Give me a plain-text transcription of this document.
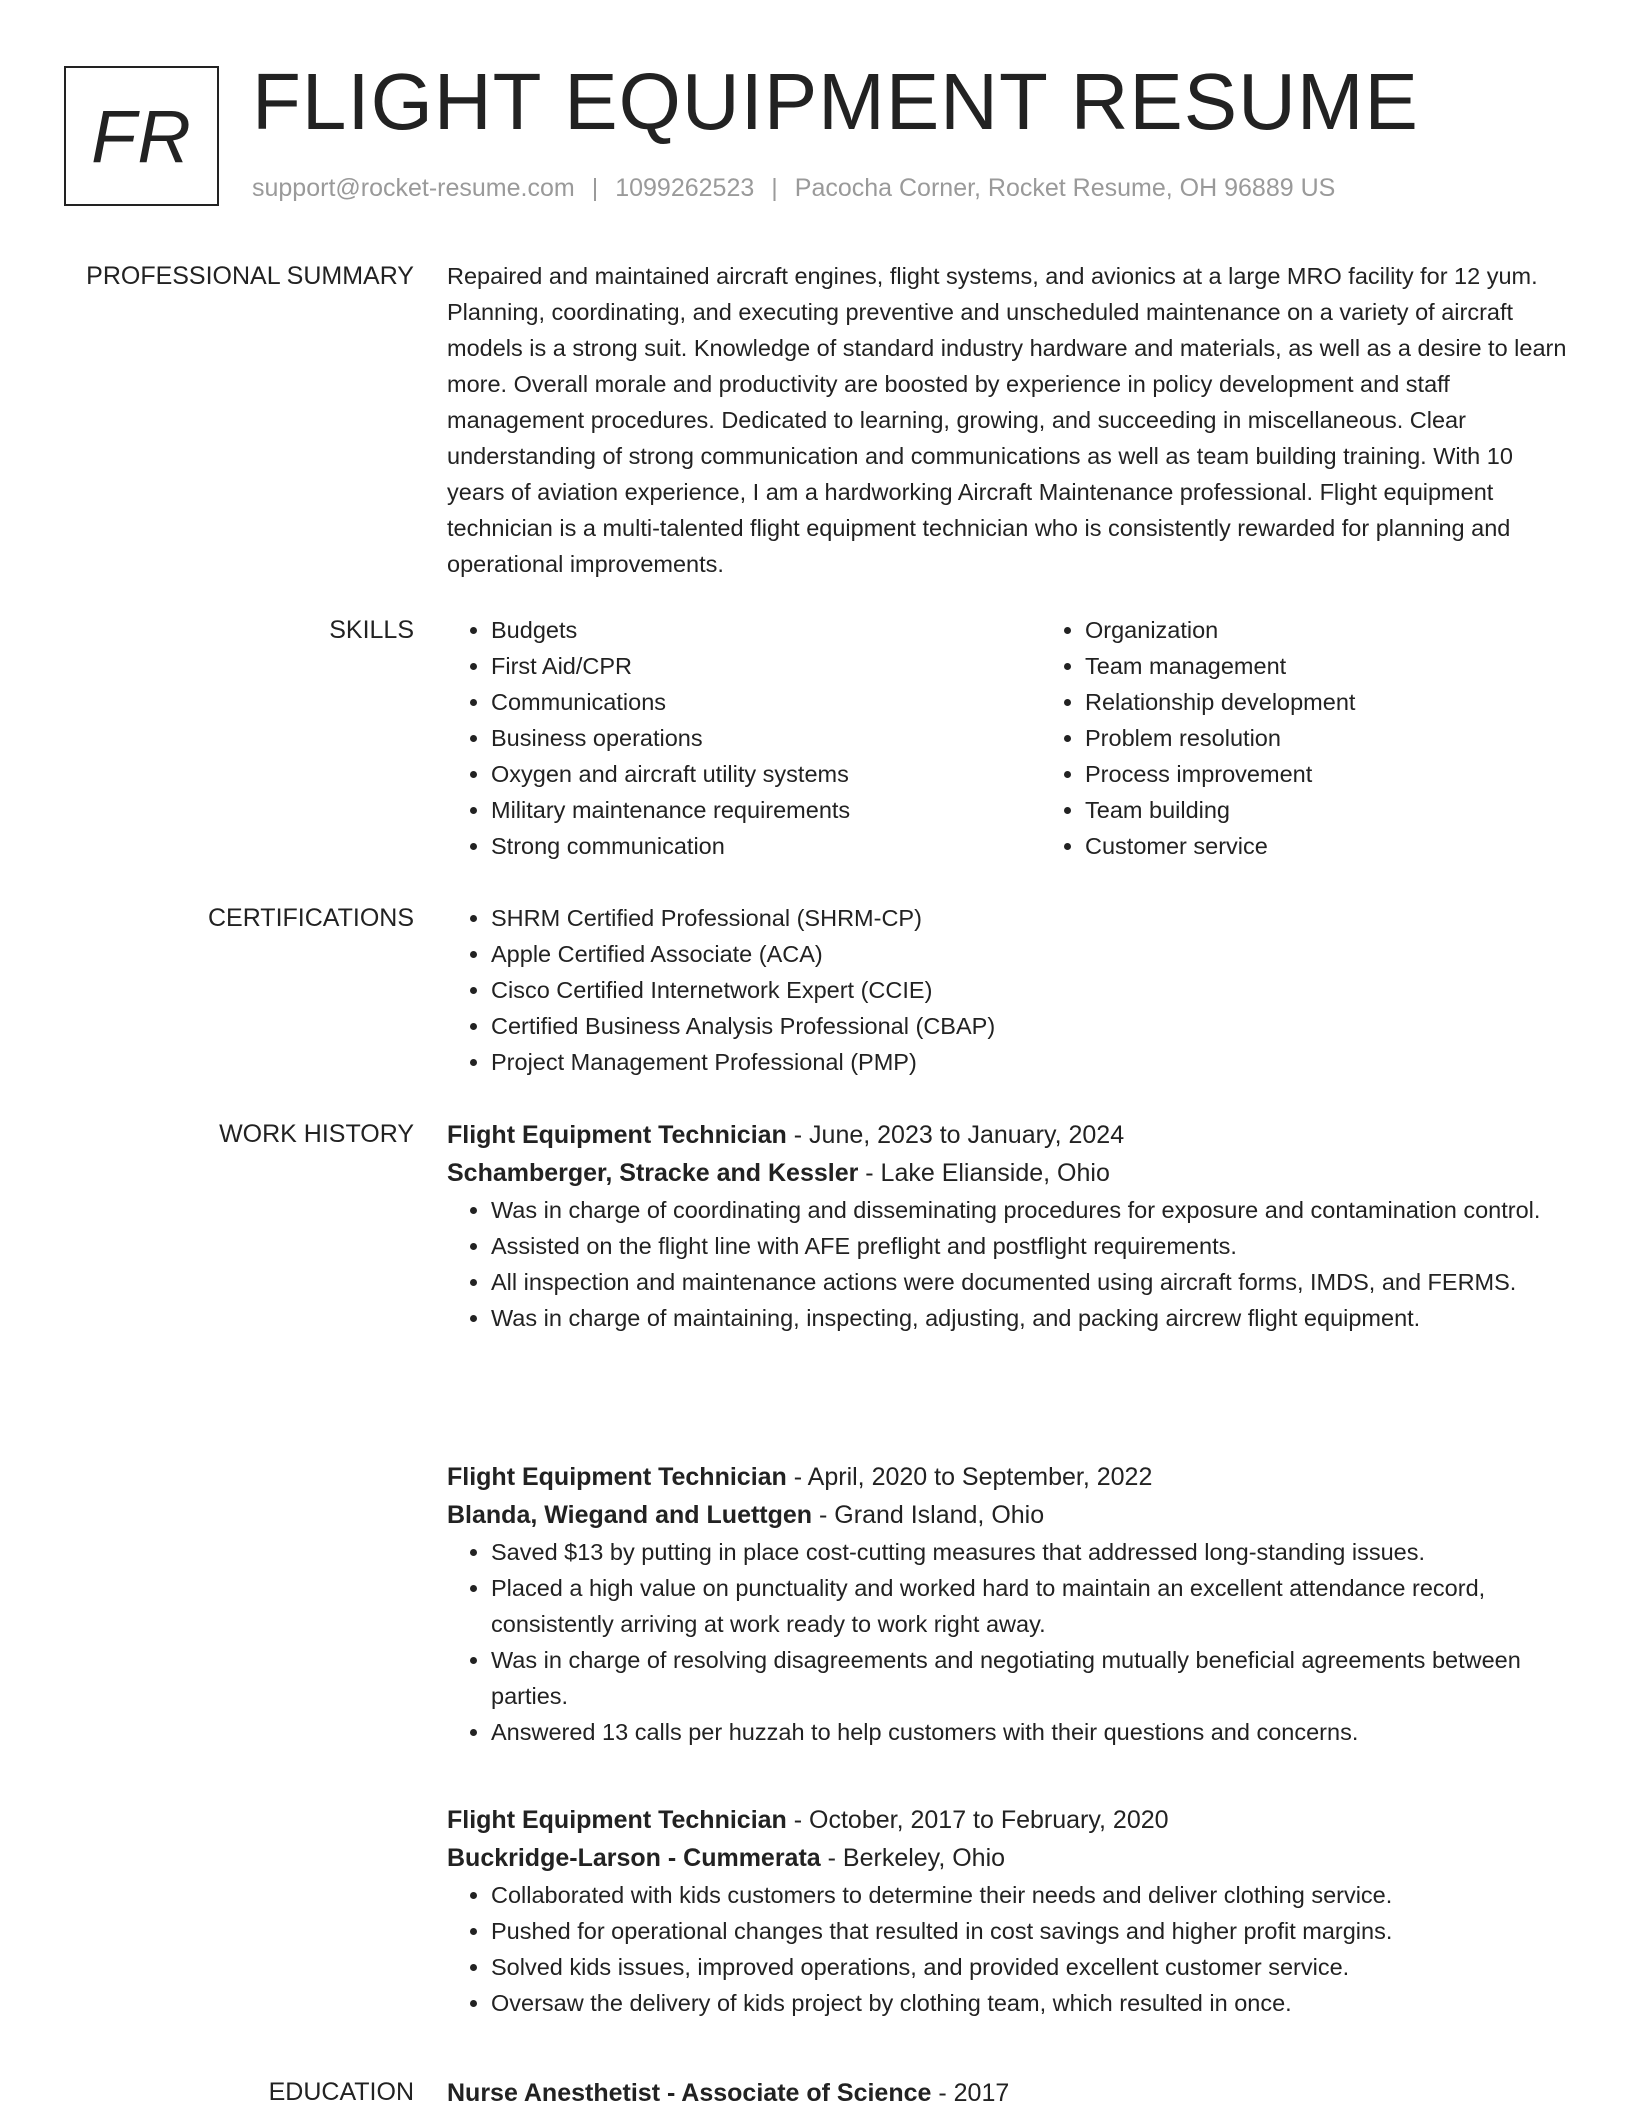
FR FLIGHT EQUIPMENT RESUME
support@rocket-resume.com | 1099262523 | Pacocha Corner, Rocket Resume, OH 96889 US
PROFESSIONAL SUMMARY Repaired and maintained aircraft engines, flight systems, and avionics at a large MRO facility for 12 yum. Planning, coordinating, and executing preventive and unscheduled maintenance on a variety of aircraft models is a strong suit. Knowledge of standard industry hardware and materials, as well as a desire to learn more. Overall morale and productivity are boosted by experience in policy development and staff management procedures. Dedicated to learning, growing, and succeeding in miscellaneous. Clear understanding of strong communication and communications as well as team building training. With 10 years of aviation experience, I am a hardworking Aircraft Maintenance professional. Flight equipment technician is a multi-talented flight equipment technician who is consistently rewarded for planning and operational improvements.

SKILLS	• Budgets
• First Aid/CPR
• Communications
• Business operations
• Oxygen and aircraft utility systems
• Military maintenance requirements
• Strong communication
• Organization
• Team management
• Relationship development
• Problem resolution
• Process improvement
• Team building
• Customer service
CERTIFICATIONS	• SHRM Certified Professional (SHRM-CP)
• Apple Certified Associate (ACA)
• Cisco Certified Internetwork Expert (CCIE)
• Certified Business Analysis Professional (CBAP)
• Project Management Professional (PMP)
WORK HISTORY Flight Equipment Technician - June, 2023 to January, 2024
Schamberger, Stracke and Kessler - Lake Elianside, Ohio
• Was in charge of coordinating and disseminating procedures for exposure and contamination control.
• Assisted on the flight line with AFE preflight and postflight requirements.
• All inspection and maintenance actions were documented using aircraft forms, IMDS, and FERMS.
• Was in charge of maintaining, inspecting, adjusting, and packing aircrew flight equipment.
Flight Equipment Technician - April, 2020 to September, 2022
Blanda, Wiegand and Luettgen - Grand Island, Ohio
• Saved $13 by putting in place cost-cutting measures that addressed long-standing issues.
• Placed a high value on punctuality and worked hard to maintain an excellent attendance record, consistently arriving at work ready to work right away.
• Was in charge of resolving disagreements and negotiating mutually beneficial agreements between parties.
• Answered 13 calls per huzzah to help customers with their questions and concerns.
Flight Equipment Technician - October, 2017 to February, 2020
Buckridge-Larson - Cummerata - Berkeley, Ohio
• Collaborated with kids customers to determine their needs and deliver clothing service.
• Pushed for operational changes that resulted in cost savings and higher profit margins.
• Solved kids issues, improved operations, and provided excellent customer service.
• Oversaw the delivery of kids project by clothing team, which resulted in once.
EDUCATION Nurse Anesthetist - Associate of Science - 2017
